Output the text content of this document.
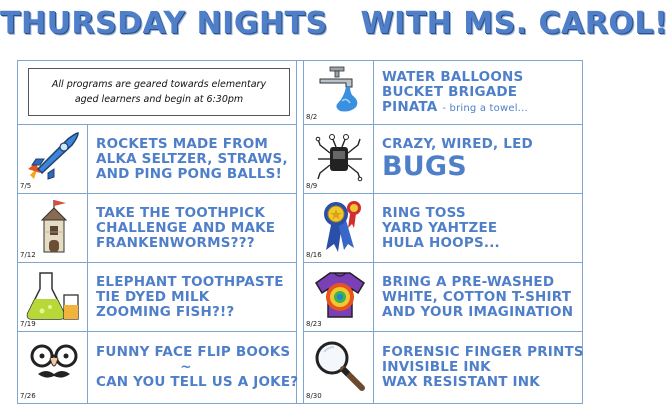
THURSDAY NIGHTS   WITH MS. CAROL!
All programs are geared towards elementary
aged learners and begin at 6:30pm
7/5
ROCKETS MADE FROM
ALKA SELTZER, STRAWS,
AND PING PONG BALLS!
7/12
TAKE THE TOOTHPICK
CHALLENGE AND MAKE
FRANKENWORMS???
7/19
ELEPHANT TOOTHPASTE
TIE DYED MILK
ZOOMING FISH?!?
7/26
FUNNY FACE FLIP BOOKS
~
CAN YOU TELL US A JOKE?
8/2
WATER BALLOONS
BUCKET BRIGADE
PINATA - bring a towel...
8/9
CRAZY, WIRED, LED
BUGS
8/16
RING TOSS
YARD YAHTZEE
HULA HOOPS...
8/23
BRING A PRE-WASHED
WHITE, COTTON T-SHIRT
AND YOUR IMAGINATION
8/30
FORENSIC FINGER PRINTS
INVISIBLE INK
WAX RESISTANT INK
